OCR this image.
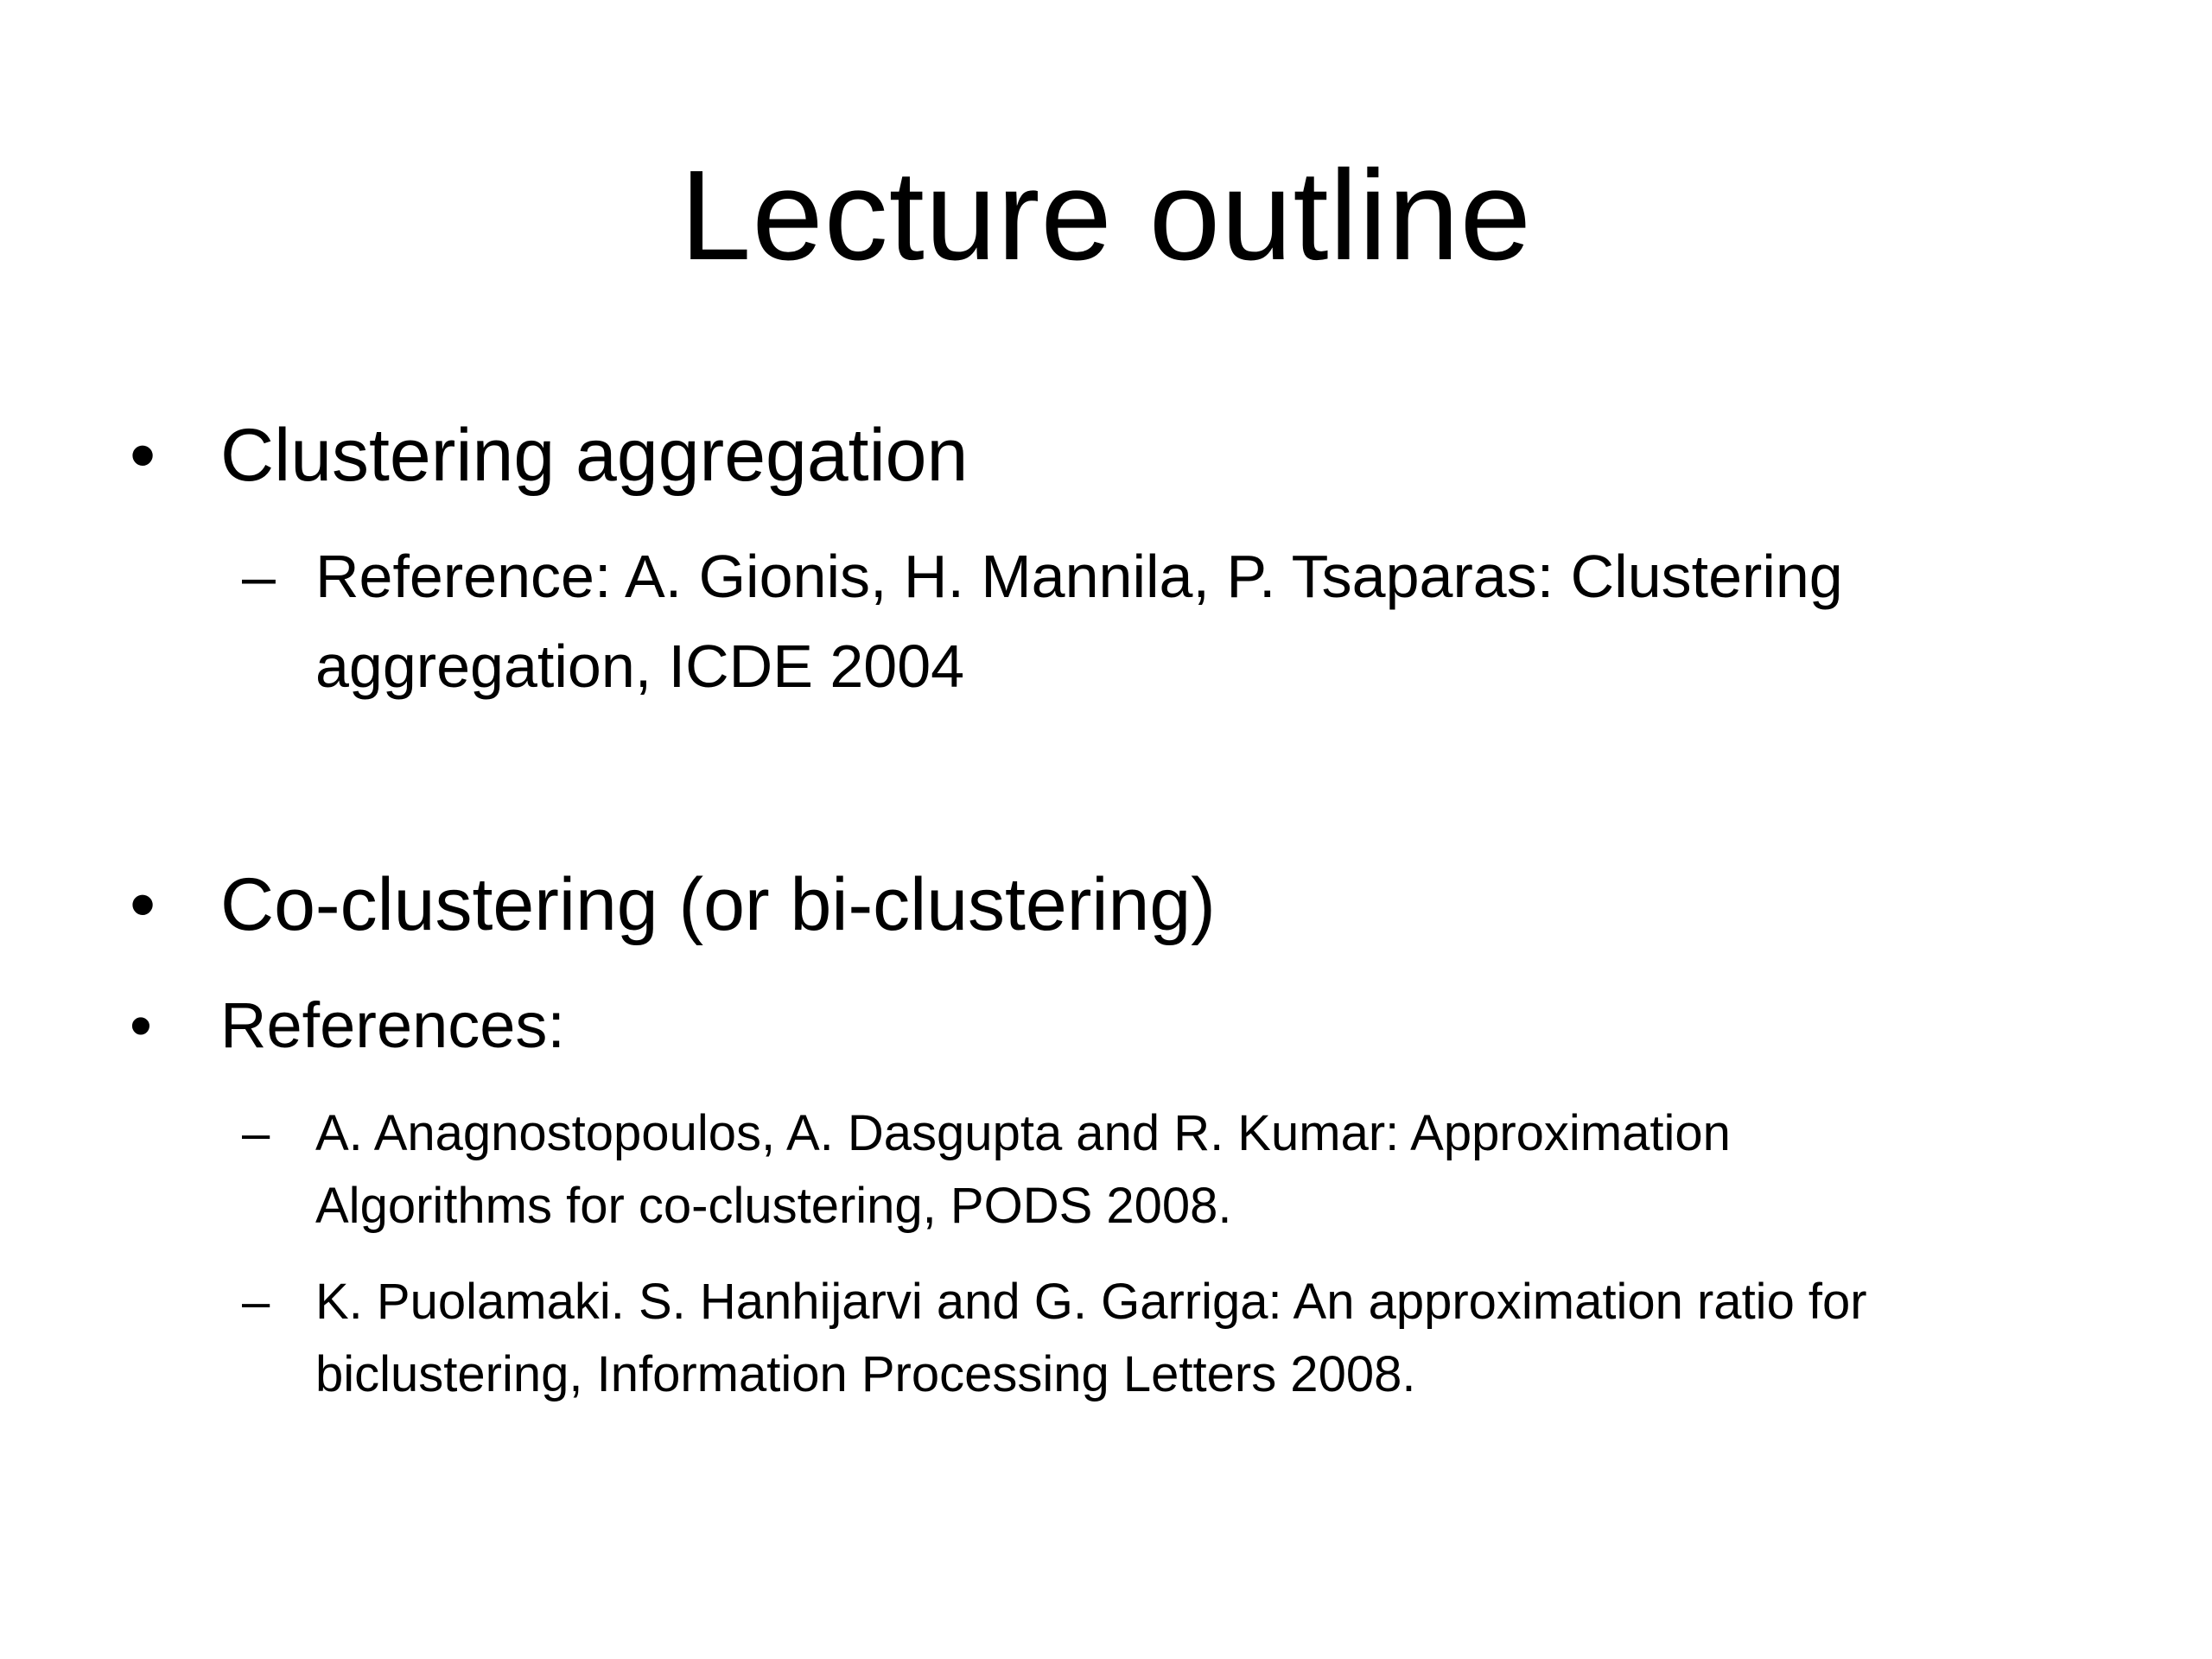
Lecture outline
• Clustering aggregation
– Reference: A. Gionis, H. Mannila, P. Tsaparas: Clustering
aggregation, ICDE 2004
• Co-clustering (or bi-clustering)
•	References:
– A. Anagnostopoulos, A. Dasgupta and R. Kumar: Approximation
Algorithms for co-clustering, PODS 2008.
– K. Puolamaki. S. Hanhijarvi and G. Garriga: An approximation ratio for
biclustering, Information Processing Letters 2008.
